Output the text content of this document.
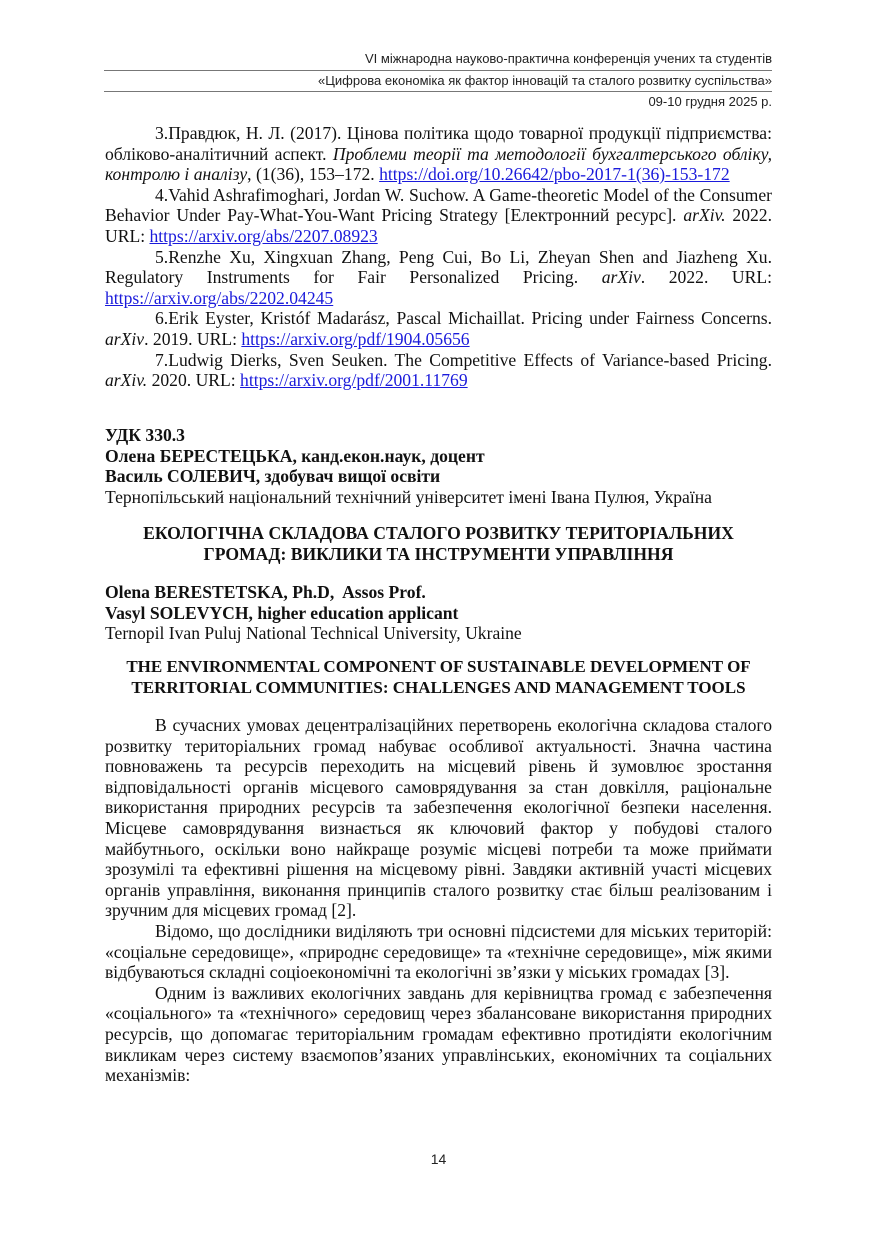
VI міжнародна науково-практична конференція учених та студентів
«Цифрова економіка як фактор інновацій та сталого розвитку суспільства»
09-10 грудня 2025 р.

3.Правдюк, Н. Л. (2017). Цінова політика щодо товарної продукції підприємства: обліково-аналітичний аспект. Проблеми теорії та методології бухгалтерського обліку, контролю і аналізу, (1(36), 153–172. https://doi.org/10.26642/pbo-2017-1(36)-153-172

4.Vahid Ashrafimoghari, Jordan W. Suchow. A Game-theoretic Model of the Consumer Behavior Under Pay-What-You-Want Pricing Strategy [Електронний ресурс]. arXiv. 2022. URL: https://arxiv.org/abs/2207.08923

5.Renzhe Xu, Xingxuan Zhang, Peng Cui, Bo Li, Zheyan Shen and Jiazheng Xu. Regulatory Instruments for Fair Personalized Pricing. arXiv. 2022. URL: https://arxiv.org/abs/2202.04245

6.Erik Eyster, Kristóf Madarász, Pascal Michaillat. Pricing under Fairness Concerns. arXiv. 2019. URL: https://arxiv.org/pdf/1904.05656

7.Ludwig Dierks, Sven Seuken. The Competitive Effects of Variance-based Pricing. arXiv. 2020. URL: https://arxiv.org/pdf/2001.11769

УДК 330.3
Олена БЕРЕСТЕЦЬКА, канд.екон.наук, доцент
Василь СОЛЕВИЧ, здобувач вищої освіти
Тернопільський національний технічний університет імені Івана Пулюя, Україна
ЕКОЛОГІЧНА СКЛАДОВА СТАЛОГО РОЗВИТКУ ТЕРИТОРІАЛЬНИХ
ГРОМАД: ВИКЛИКИ ТА ІНСТРУМЕНТИ УПРАВЛІННЯ
Olena BERESTETSKA, Ph.D,  Assos Prof.
Vasyl SOLEVYCH, higher education applicant
Ternopil Ivan Puluj National Technical University, Ukraine
THE ENVIRONMENTAL COMPONENT OF SUSTAINABLE DEVELOPMENT OF
TERRITORIAL COMMUNITIES: CHALLENGES AND MANAGEMENT TOOLS

В сучасних умовах децентралізаційних перетворень екологічна складова сталого розвитку територіальних громад набуває особливої актуальності. Значна частина повноважень та ресурсів переходить на місцевий рівень й зумовлює зростання відповідальності органів місцевого самоврядування за стан довкілля, раціональне використання природних ресурсів та забезпечення екологічної безпеки населення. Місцеве самоврядування визнається як ключовий фактор у побудові сталого майбутнього, оскільки воно найкраще розуміє місцеві потреби та може приймати зрозумілі та ефективні рішення на місцевому рівні. Завдяки активній участі місцевих органів управління, виконання принципів сталого розвитку стає більш реалізованим і зручним для місцевих громад [2].

Відомо, що дослідники виділяють три основні підсистеми для міських територій: «соціальне середовище», «природнє середовище» та «технічне середовище», між якими відбуваються складні соціоекономічні та екологічні зв’язки у міських громадах [3].

Одним із важливих екологічних завдань для керівництва громад є забезпечення «соціального» та «технічного» середовищ через збалансоване використання природних ресурсів, що допомагає територіальним громадам ефективно протидіяти екологічним викликам через систему взаємопов’язаних управлінських, економічних та соціальних механізмів:

14
